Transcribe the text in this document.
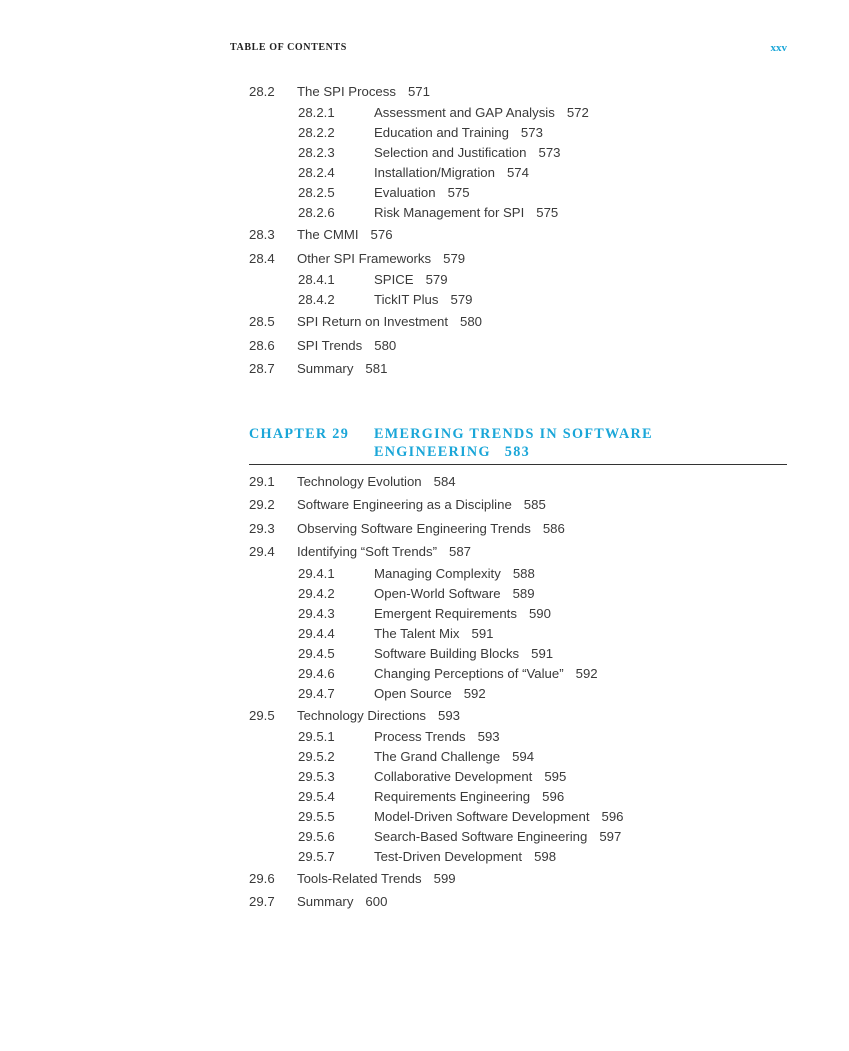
TABLE OF CONTENTS	xxv
28.2 The SPI Process 571
28.2.1	Assessment and GAP Analysis 572
28.2.2	Education and Training 573
28.2.3	Selection and Justification 573
28.2.4	Installation/Migration 574
28.2.5	Evaluation 575
28.2.6	Risk Management for SPI 575
28.3 The CMMI 576
28.4 Other SPI Frameworks 579
28.4.1	SPICE 579
28.4.2	TickIT Plus 579
28.5 SPI Return on Investment 580
28.6 SPI Trends 580
28.7 Summary 581
CHAPTER 29 EMERGING TRENDS IN SOFTWARE ENGINEERING 583
29.1 Technology Evolution 584
29.2 Software Engineering as a Discipline 585
29.3 Observing Software Engineering Trends 586
29.4 Identifying “Soft Trends” 587
29.4.1	Managing Complexity 588
29.4.2	Open-World Software 589
29.4.3	Emergent Requirements 590
29.4.4	The Talent Mix 591
29.4.5	Software Building Blocks 591
29.4.6	Changing Perceptions of “Value” 592
29.4.7	Open Source 592
29.5 Technology Directions 593
29.5.1	Process Trends 593
29.5.2	The Grand Challenge 594
29.5.3	Collaborative Development 595
29.5.4	Requirements Engineering 596
29.5.5	Model-Driven Software Development 596
29.5.6	Search-Based Software Engineering 597
29.5.7	Test-Driven Development 598
29.6 Tools-Related Trends 599
29.7 Summary 600
